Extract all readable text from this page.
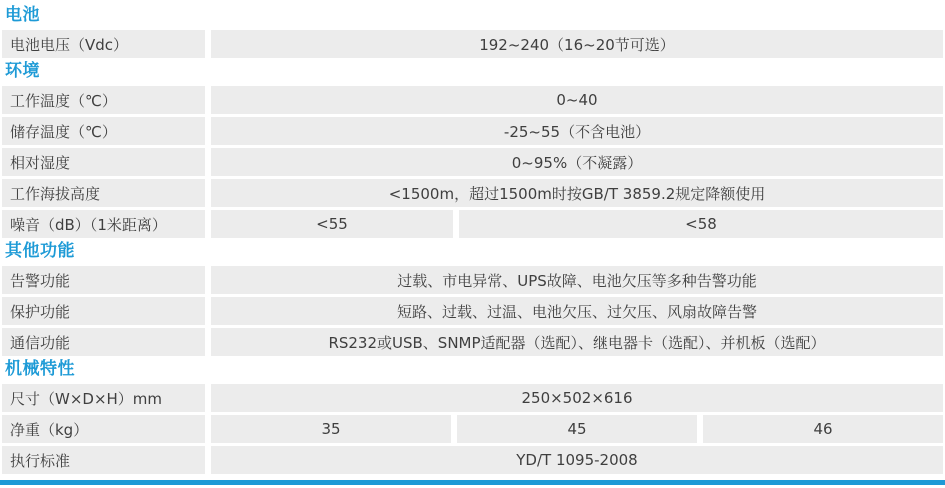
电池
电池电压（Vdc）	192~240（16~20节可选）
环境
工作温度（℃）	0~40
储存温度（℃）	-25~55（不含电池）
相对湿度	0~95%（不凝露）
工作海拔高度	<1500m，超过1500m时按GB/T 3859.2规定降额使用
噪音（dB）（1米距离）	<55	<58
其他功能
告警功能	过载、市电异常、UPS故障、电池欠压等多种告警功能
保护功能	短路、过载、过温、电池欠压、过欠压、风扇故障告警
通信功能	RS232或USB、SNMP适配器（选配）、继电器卡（选配）、并机板（选配）
机械特性
尺寸（W×D×H）mm	250×502×616
净重（kg）	35	45	46
执行标准	YD/T 1095-2008
